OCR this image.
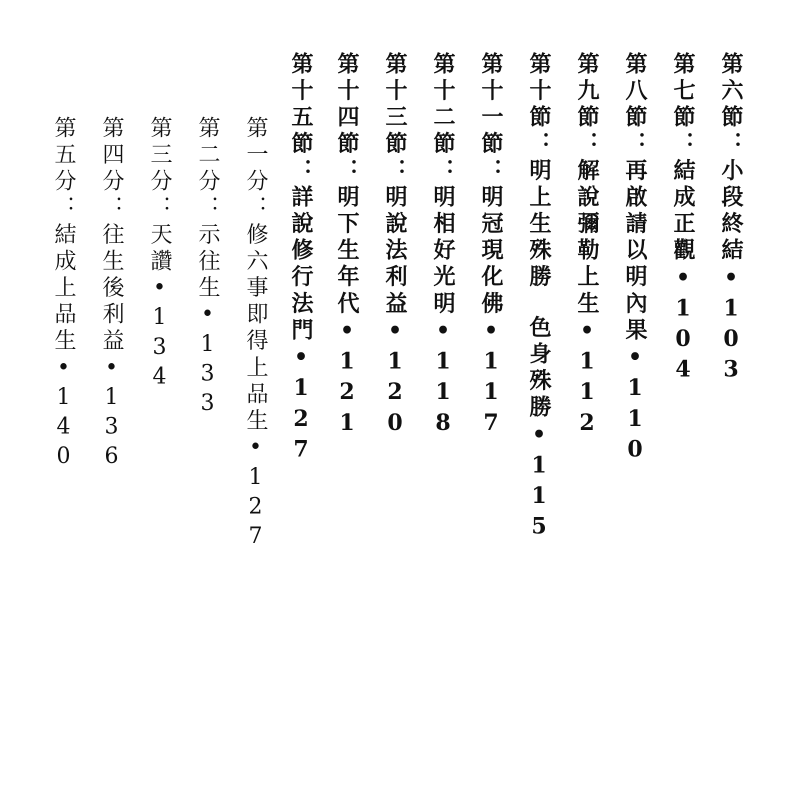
第六節：小段終結•103
第七節：結成正觀•104
第八節：再啟請以明內果•110
第九節：解說彌勒上生•112
第十節：明上生殊勝色身殊勝•115
第十一節：明冠現化佛•117
第十二節：明相好光明•118
第十三節：明說法利益•120
第十四節：明下生年代•121
第十五節：詳說修行法門•127
第一分：修六事即得上品生•127
第二分：示往生•133
第三分：天讚•134
第四分：往生後利益•136
第五分：結成上品生•140
